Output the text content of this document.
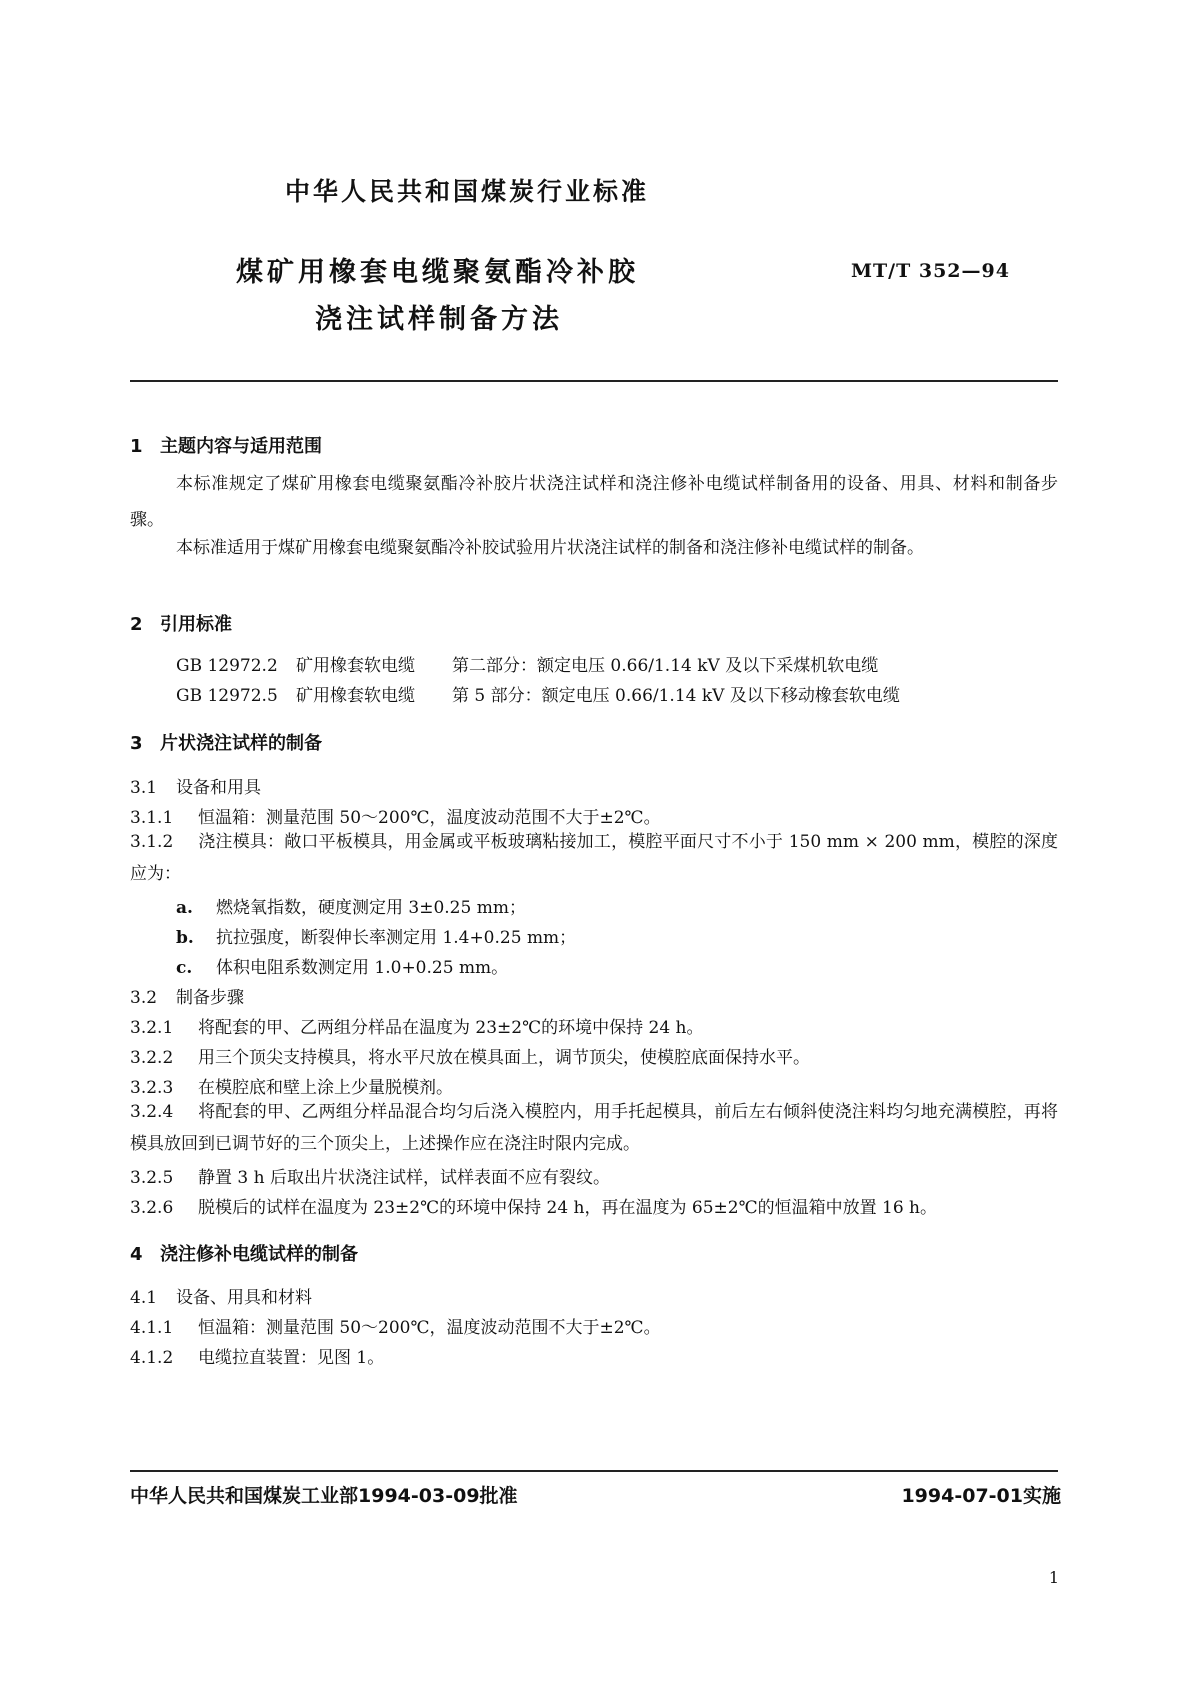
中华人民共和国煤炭行业标准
煤矿用橡套电缆聚氨酯冷补胶
浇注试样制备方法
MT/T 352—94
1 主题内容与适用范围
本标准规定了煤矿用橡套电缆聚氨酯冷补胶片状浇注试样和浇注修补电缆试样制备用的设备、用具、材料和制备步骤。
本标准适用于煤矿用橡套电缆聚氨酯冷补胶试验用片状浇注试样的制备和浇注修补电缆试样的制备。
2 引用标准
GB 12972.2 矿用橡套软电缆 第二部分：额定电压 0.66/1.14 kV 及以下采煤机软电缆
GB 12972.5 矿用橡套软电缆 第 5 部分：额定电压 0.66/1.14 kV 及以下移动橡套软电缆
3 片状浇注试样的制备
3.1 设备和用具
3.1.1 恒温箱：测量范围 50～200℃，温度波动范围不大于±2℃。
3.1.2 浇注模具：敞口平板模具，用金属或平板玻璃粘接加工，模腔平面尺寸不小于 150 mm × 200 mm，模腔的深度应为：
a. 燃烧氧指数，硬度测定用 3±0.25 mm；
b. 抗拉强度，断裂伸长率测定用 1.4+0.25 mm；
c. 体积电阻系数测定用 1.0+0.25 mm。
3.2 制备步骤
3.2.1 将配套的甲、乙两组分样品在温度为 23±2℃的环境中保持 24 h。
3.2.2 用三个顶尖支持模具，将水平尺放在模具面上，调节顶尖，使模腔底面保持水平。
3.2.3 在模腔底和壁上涂上少量脱模剂。
3.2.4 将配套的甲、乙两组分样品混合均匀后浇入模腔内，用手托起模具，前后左右倾斜使浇注料均匀地充满模腔，再将模具放回到已调节好的三个顶尖上，上述操作应在浇注时限内完成。
3.2.5 静置 3 h 后取出片状浇注试样，试样表面不应有裂纹。
3.2.6 脱模后的试样在温度为 23±2℃的环境中保持 24 h，再在温度为 65±2℃的恒温箱中放置 16 h。
4 浇注修补电缆试样的制备
4.1 设备、用具和材料
4.1.1 恒温箱：测量范围 50～200℃，温度波动范围不大于±2℃。
4.1.2 电缆拉直装置：见图 1。
中华人民共和国煤炭工业部1994-03-09批准	1994-07-01实施
1
